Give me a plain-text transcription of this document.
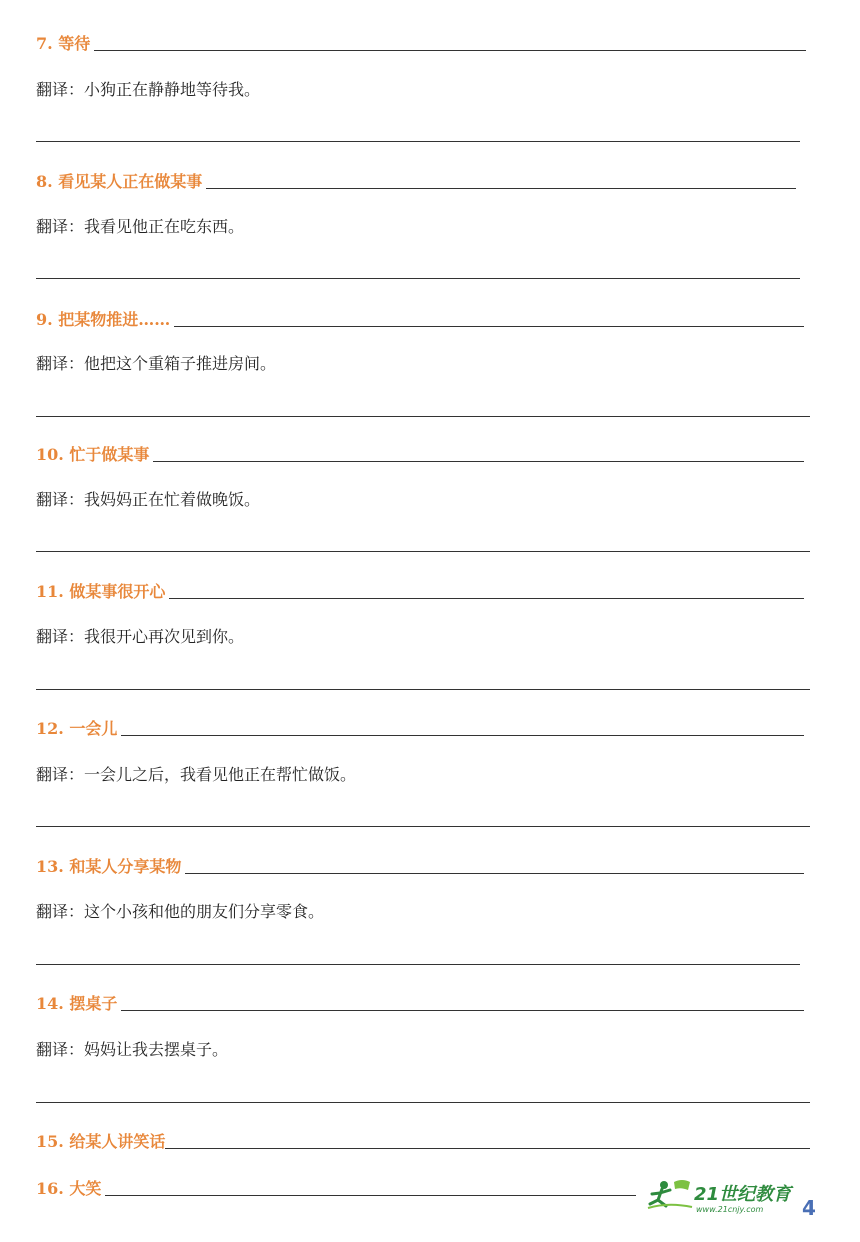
7. 等待
翻译：小狗正在静静地等待我。
8. 看见某人正在做某事
翻译：我看见他正在吃东西。
9. 把某物推进……
翻译：他把这个重箱子推进房间。
10. 忙于做某事
翻译：我妈妈正在忙着做晚饭。
11. 做某事很开心
翻译：我很开心再次见到你。
12. 一会儿
翻译：一会儿之后，我看见他正在帮忙做饭。
13. 和某人分享某物
翻译：这个小孩和他的朋友们分享零食。
14. 摆桌子
翻译：妈妈让我去摆桌子。
15. 给某人讲笑话
16. 大笑	21世纪教育
www.21cnjy.com 4
